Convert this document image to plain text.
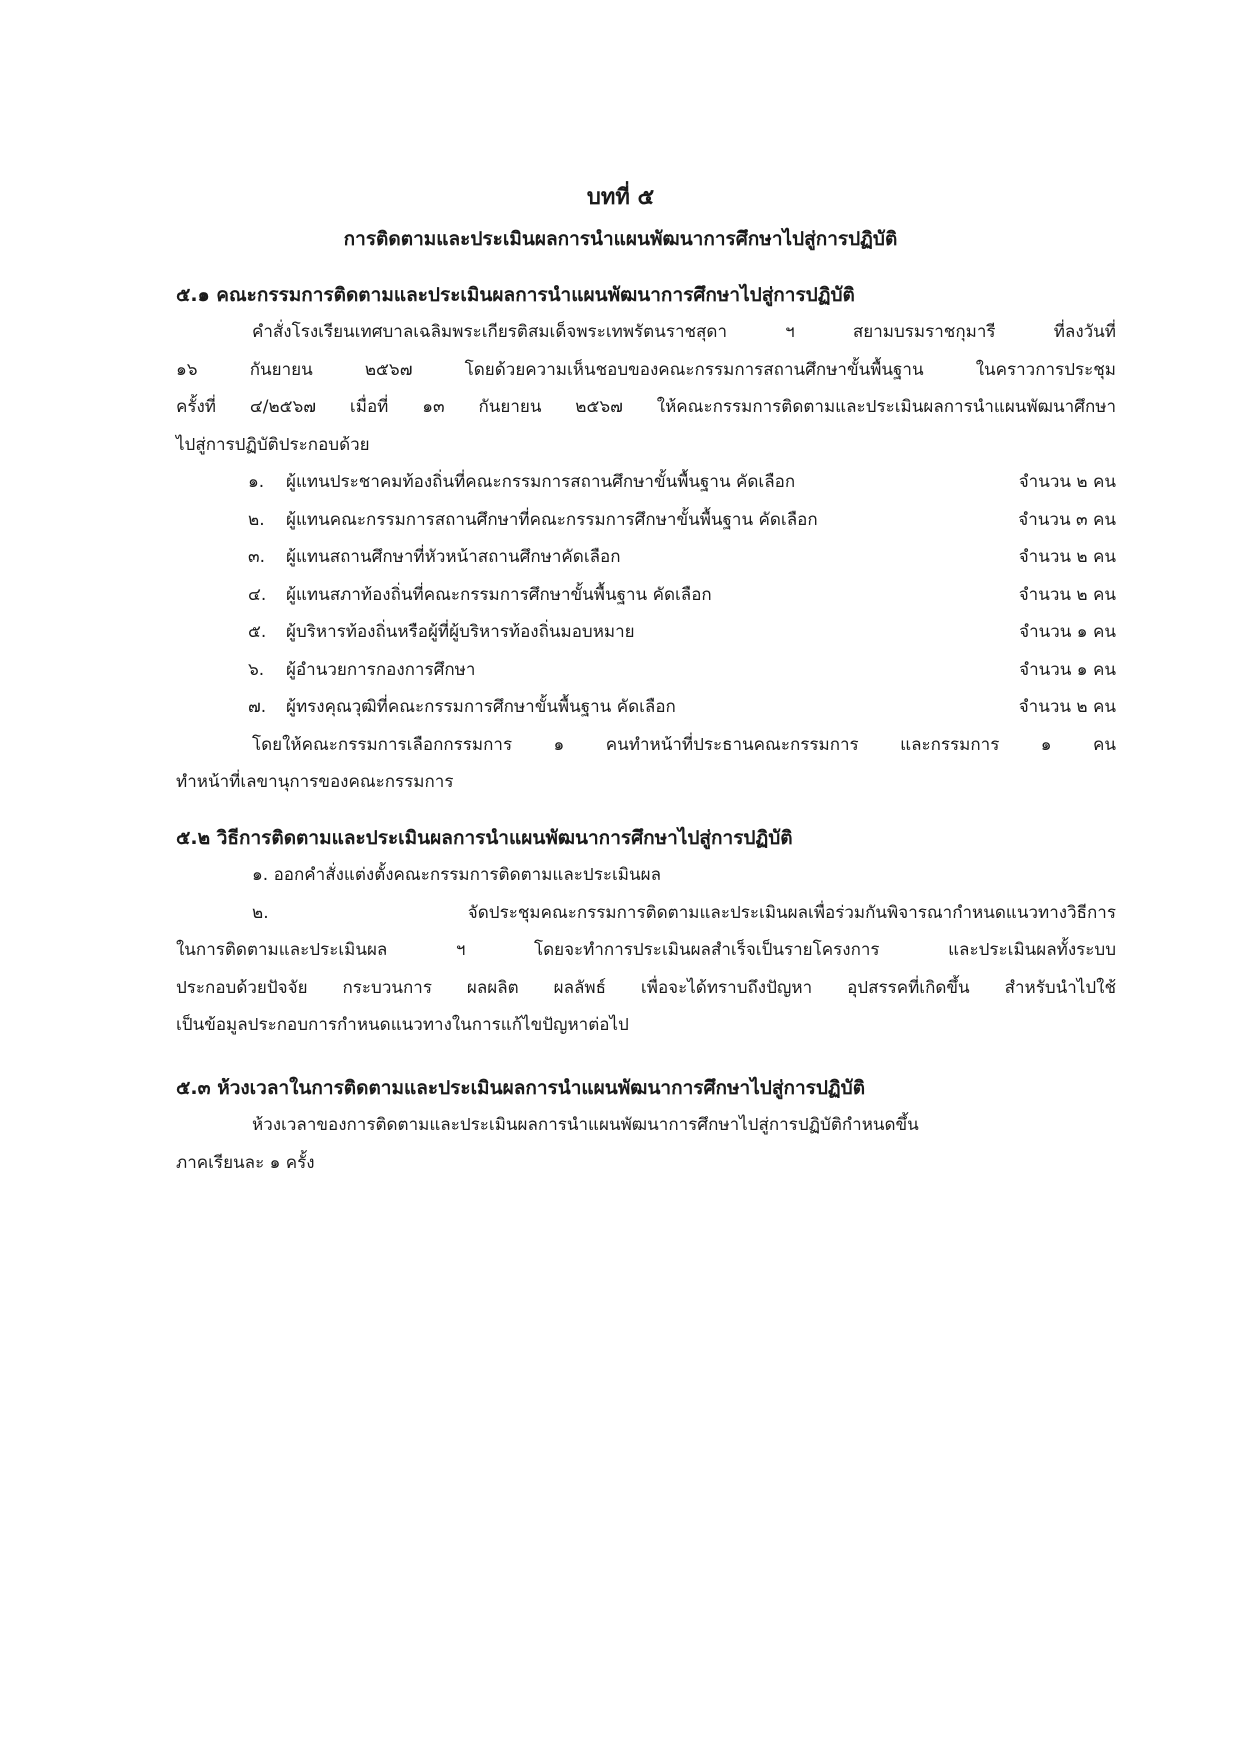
บทที่ ๕
การติดตามและประเมินผลการนำแผนพัฒนาการศึกษาไปสู่การปฏิบัติ
๕.๑ คณะกรรมการติดตามและประเมินผลการนำแผนพัฒนาการศึกษาไปสู่การปฏิบัติ

คำสั่งโรงเรียนเทศบาลเฉลิมพระเกียรติสมเด็จพระเทพรัตนราชสุดา ฯ สยามบรมราชกุมารี ที่ลงวันที่
๑๖ กันยายน ๒๕๖๗ โดยด้วยความเห็นชอบของคณะกรรมการสถานศึกษาขั้นพื้นฐาน ในคราวการประชุม
ครั้งที่ ๔/๒๕๖๗ เมื่อที่ ๑๓ กันยายน ๒๕๖๗ ให้คณะกรรมการติดตามและประเมินผลการนำแผนพัฒนาศึกษา
ไปสู่การปฏิบัติประกอบด้วย

๑. ผู้แทนประชาคมท้องถิ่นที่คณะกรรมการสถานศึกษาขั้นพื้นฐาน คัดเลือก	จำนวน ๒ คน
๒. ผู้แทนคณะกรรมการสถานศึกษาที่คณะกรรมการศึกษาขั้นพื้นฐาน คัดเลือก	จำนวน ๓ คน
๓. ผู้แทนสถานศึกษาที่หัวหน้าสถานศึกษาคัดเลือก	จำนวน ๒ คน
๔. ผู้แทนสภาท้องถิ่นที่คณะกรรมการศึกษาขั้นพื้นฐาน คัดเลือก	จำนวน ๒ คน
๕. ผู้บริหารท้องถิ่นหรือผู้ที่ผู้บริหารท้องถิ่นมอบหมาย	จำนวน ๑ คน
๖. ผู้อำนวยการกองการศึกษา	จำนวน ๑ คน
๗. ผู้ทรงคุณวุฒิที่คณะกรรมการศึกษาขั้นพื้นฐาน คัดเลือก	จำนวน ๒ คน

โดยให้คณะกรรมการเลือกกรรมการ ๑ คนทำหน้าที่ประธานคณะกรรมการ และกรรมการ ๑ คน
ทำหน้าที่เลขานุการของคณะกรรมการ

๕.๒ วิธีการติดตามและประเมินผลการนำแผนพัฒนาการศึกษาไปสู่การปฏิบัติ

๑. ออกคำสั่งแต่งตั้งคณะกรรมการติดตามและประเมินผล
๒. จัดประชุมคณะกรรมการติดตามและประเมินผลเพื่อร่วมกันพิจารณากำหนดแนวทางวิธีการ
ในการติดตามและประเมินผล ฯ โดยจะทำการประเมินผลสำเร็จเป็นรายโครงการ และประเมินผลทั้งระบบ
ประกอบด้วยปัจจัย กระบวนการ ผลผลิต ผลลัพธ์ เพื่อจะได้ทราบถึงปัญหา อุปสรรคที่เกิดขึ้น สำหรับนำไปใช้
เป็นข้อมูลประกอบการกำหนดแนวทางในการแก้ไขปัญหาต่อไป

๕.๓ ห้วงเวลาในการติดตามและประเมินผลการนำแผนพัฒนาการศึกษาไปสู่การปฏิบัติ

ห้วงเวลาของการติดตามและประเมินผลการนำแผนพัฒนาการศึกษาไปสู่การปฏิบัติกำหนดขึ้น
ภาคเรียนละ ๑ ครั้ง
